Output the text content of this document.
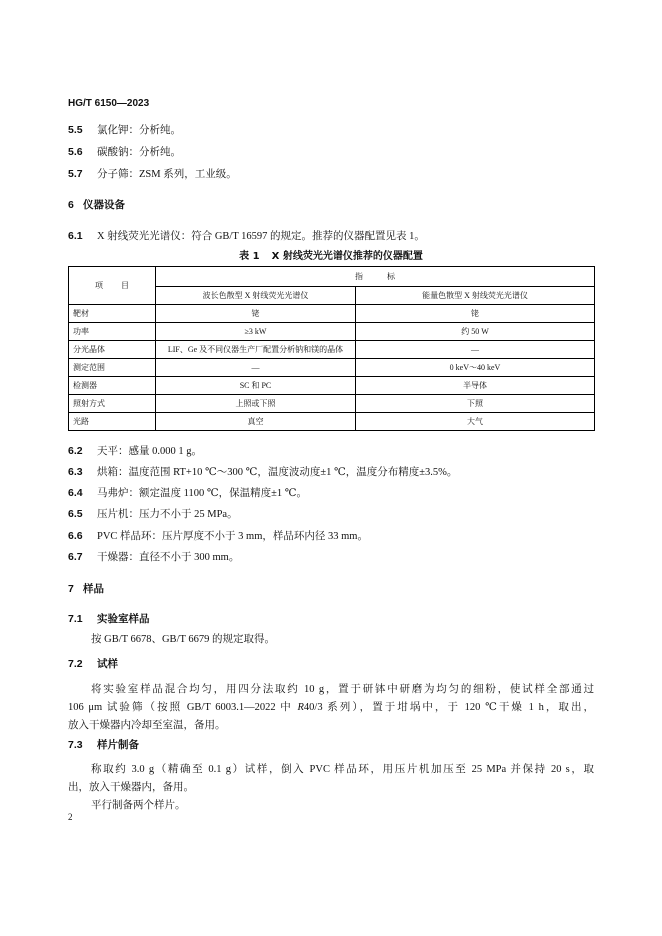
HG/T 6150—2023
5.5 氯化钾：分析纯。
5.6 碳酸钠：分析纯。
5.7 分子筛：ZSM 系列，工业级。
6 仪器设备
6.1 X 射线荧光光谱仪：符合 GB/T 16597 的规定。推荐的仪器配置见表 1。
表 1 X 射线荧光光谱仪推荐的仪器配置
项 目	指 标	
	波长色散型 X 射线荧光光谱仪	能量色散型 X 射线荧光光谱仪
靶材	铑	铑
功率	≥3 kW	约 50 W
分光晶体	LIF、Ge 及不同仪器生产厂配置分析钠和镁的晶体	—
测定范围	—	0 keV～40 keV
检测器	SC 和 PC	半导体
照射方式	上照或下照	下照
光路	真空	大气
6.2 天平：感量 0.000 1 g。
6.3 烘箱：温度范围 RT+10 ℃～300 ℃，温度波动度±1 ℃，温度分布精度±3.5%。
6.4 马弗炉：额定温度 1100 ℃，保温精度±1 ℃。
6.5 压片机：压力不小于 25 MPa。
6.6 PVC 样品环：压片厚度不小于 3 mm，样品环内径 33 mm。
6.7 干燥器：直径不小于 300 mm。
7 样品
7.1 实验室样品
按 GB/T 6678、GB/T 6679 的规定取得。
7.2 试样
将实验室样品混合均匀，用四分法取约 10 g，置于研钵中研磨为均匀的细粉，使试样全部通过
106 μm 试验筛（按照 GB/T 6003.1—2022 中 R40/3 系列），置于坩埚中，于 120 ℃干燥 1 h，取出，
放入干燥器内冷却至室温，备用。
7.3 样片制备
称取约 3.0 g（精确至 0.1 g）试样，倒入 PVC 样品环，用压片机加压至 25 MPa 并保持 20 s，取
出，放入干燥器内，备用。
平行制备两个样片。
2
